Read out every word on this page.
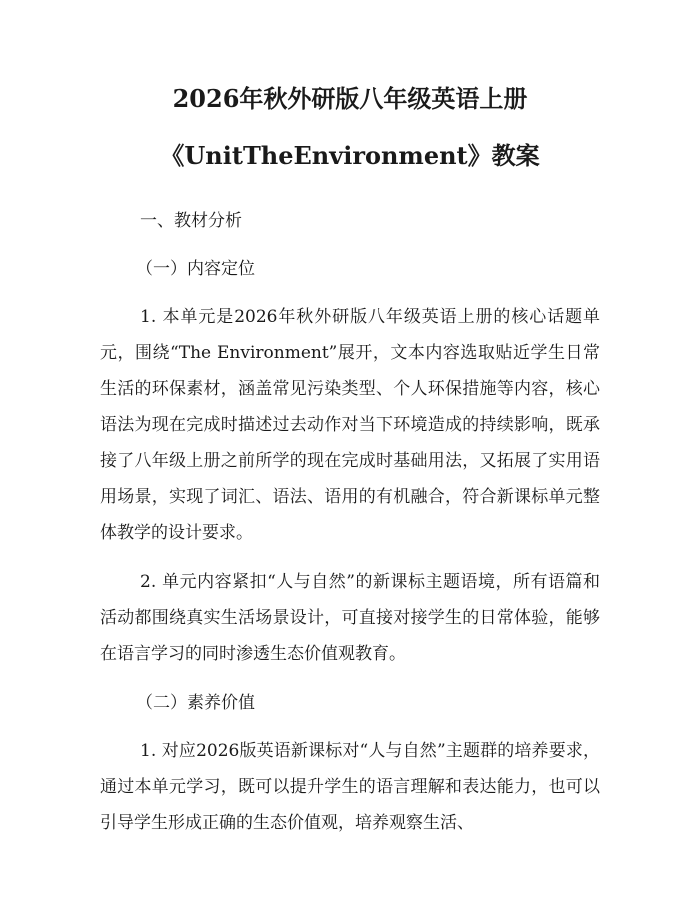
2026年秋外研版八年级英语上册
《UnitTheEnvironment》教案

一、教材分析

（一）内容定位

1. 本单元是2026年秋外研版八年级英语上册的核心话题单元，围绕“The Environment”展开，文本内容选取贴近学生日常生活的环保素材，涵盖常见污染类型、个人环保措施等内容，核心语法为现在完成时描述过去动作对当下环境造成的持续影响，既承接了八年级上册之前所学的现在完成时基础用法，又拓展了实用语用场景，实现了词汇、语法、语用的有机融合，符合新课标单元整体教学的设计要求。

2. 单元内容紧扣“人与自然”的新课标主题语境，所有语篇和活动都围绕真实生活场景设计，可直接对接学生的日常体验，能够在语言学习的同时渗透生态价值观教育。

（二）素养价值

1. 对应2026版英语新课标对“人与自然”主题群的培养要求，通过本单元学习，既可以提升学生的语言理解和表达能力，也可以引导学生形成正确的生态价值观，培养观察生活、
